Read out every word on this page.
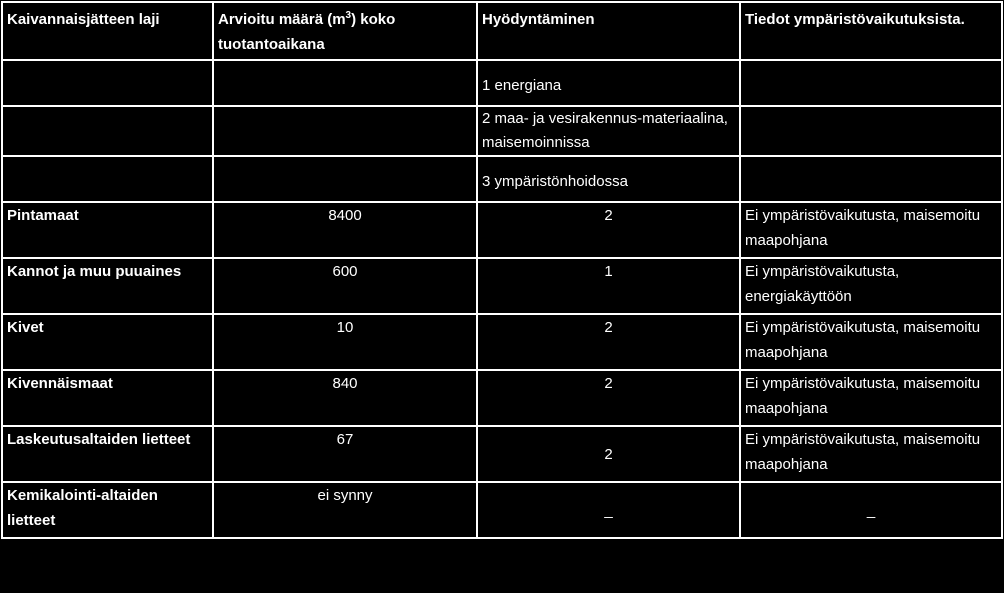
Kaivannaisjätteen laji	Arvioitu määrä $(m^3)$ koko tuotantoaikana	Hyödyntäminen	Tiedot ympäristövaikutuksista.
		1 energiana	
		2 maa- ja vesirakennus-materiaalina, maisemoinnissa	
		3 ympäristönhoidossa	
Pintamaat	8400	2	Ei ympäristövaikutusta, maisemoitu maapohjana
Kannot ja muu puuaines	600	1	Ei ympäristövaikutusta, energiakäyttöön
Kivet	10	2	Ei ympäristövaikutusta, maisemoitu maapohjana
Kivennäismaat	840	2	Ei ympäristövaikutusta, maisemoitu maapohjana
Laskeutusaltaiden lietteet	67	2	Ei ympäristövaikutusta, maisemoitu maapohjana
Kemikalointi-altaiden lietteet	ei synny	_	_
